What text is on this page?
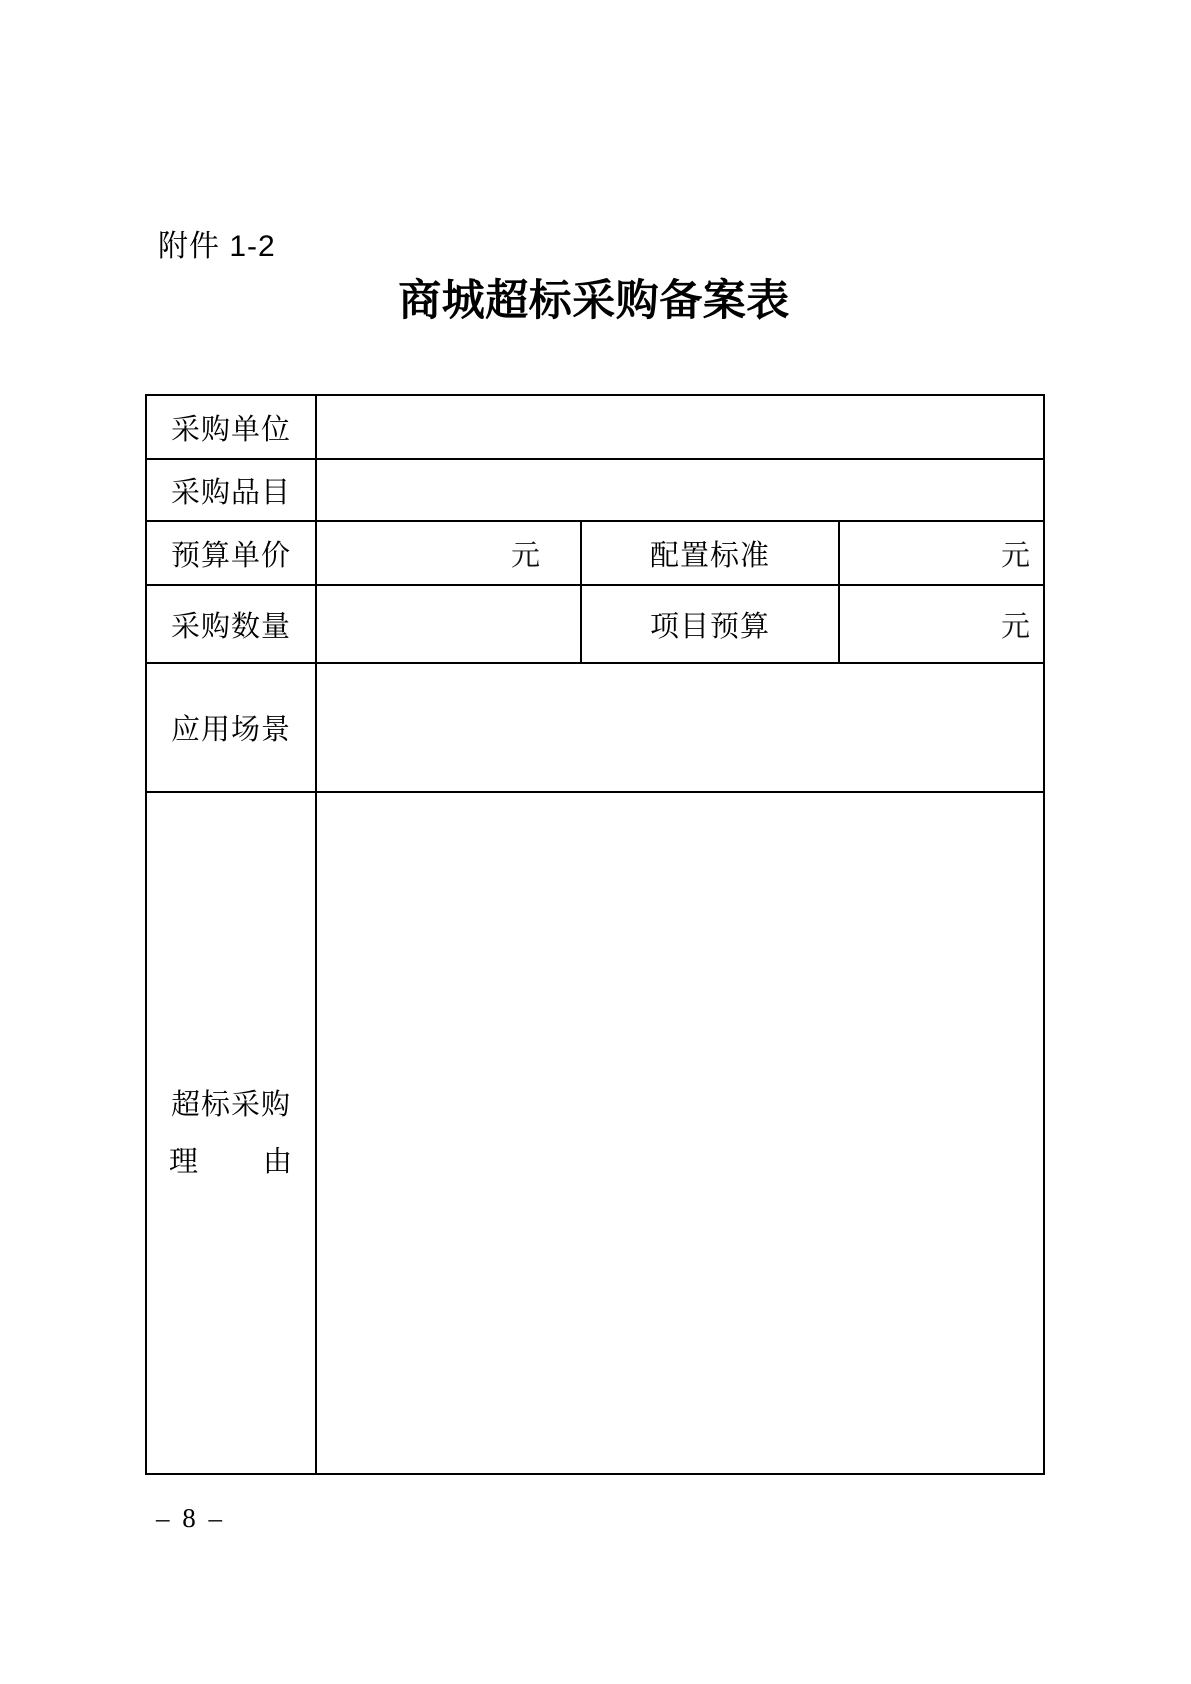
附件 1-2
商城超标采购备案表
采购单位			
采购品目			
预算单价	元	配置标准	元
采购数量		项目预算	元
应用场景			

超标采购
理 由			

– 8 –
